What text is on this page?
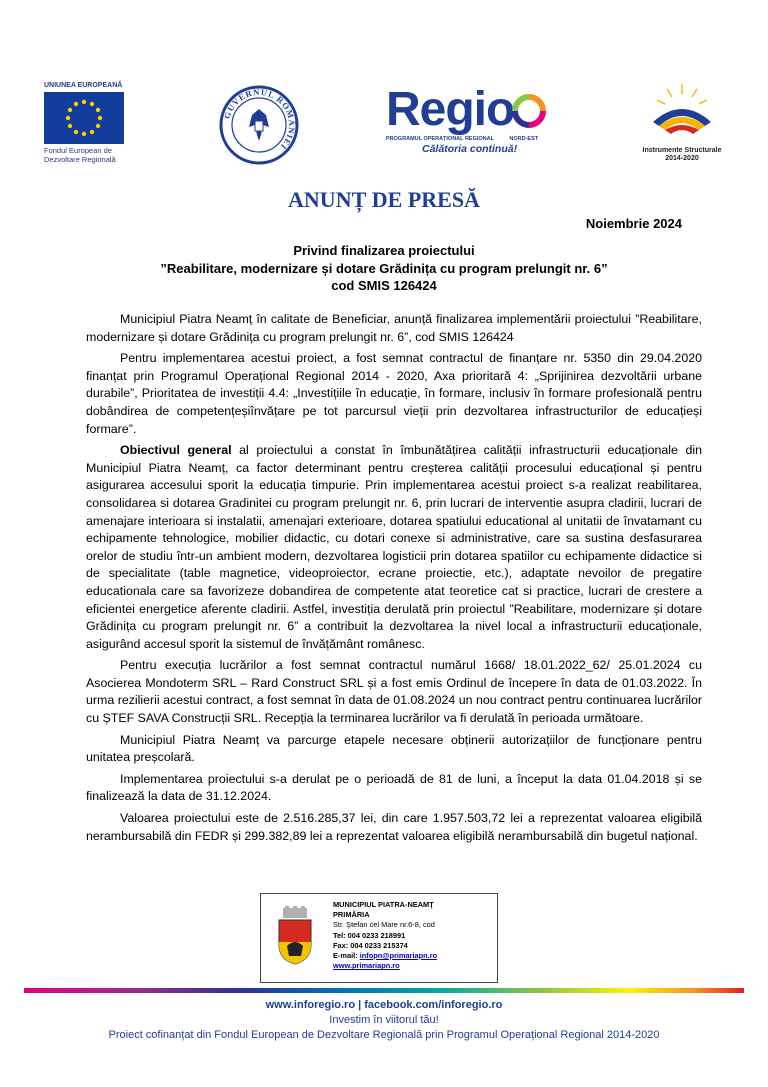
UNIUNEA EUROPEANĂ
Fondul European de
Dezvoltare Regională
GUVERNUL ROMÂNIEI
Regio
PROGRAMUL OPERAȚIONAL REGIONAL	NORD-EST
Călătoria continuă!	Instrumente Structurale
2014-2020
ANUNȚ DE PRESĂ
Noiembrie 2024
Privind finalizarea proiectului
”Reabilitare, modernizare și dotare Grădinița cu program prelungit nr. 6”
cod SMIS 126424

Municipiul Piatra Neamț în calitate de Beneficiar, anunță finalizarea implementării proiectului ”Reabilitare, modernizare și dotare Grădinița cu program prelungit nr. 6”, cod SMIS 126424

Pentru implementarea acestui proiect, a fost semnat contractul de finanțare nr. 5350 din 29.04.2020 finanțat prin Programul Operațional Regional 2014 - 2020, Axa prioritară 4: „Sprijinirea dezvoltării urbane durabile”, Prioritatea de investiții 4.4: „Investițiile în educație, în formare, inclusiv în formare profesională pentru dobândirea de competențeșiînvățare pe tot parcursul vieții prin dezvoltarea infrastructurilor de educațieși formare”.

Obiectivul general al proiectului a constat în îmbunătățirea calității infrastructurii educaționale din Municipiul Piatra Neamț, ca factor determinant pentru creșterea calității procesului educațional și pentru asigurarea accesului sporit la educația timpurie. Prin implementarea acestui proiect s-a realizat reabilitarea, consolidarea si dotarea Gradinitei cu program prelungit nr. 6, prin lucrari de interventie asupra cladirii, lucrari de amenajare interioara si instalatii, amenajari exterioare, dotarea spatiului educational al unitatii de învatamant cu echipamente tehnologice, mobilier didactic, cu dotari conexe si administrative, care sa sustina desfasurarea orelor de studiu într-un ambient modern, dezvoltarea logisticii prin dotarea spatiilor cu echipamente didactice si de specialitate (table magnetice, videoproiector, ecrane proiectie, etc.), adaptate nevoilor de pregatire educationala care sa favorizeze dobandirea de competente atat teoretice cat si practice, lucrari de crestere a eficientei energetice aferente cladirii. Astfel, investiția derulată prin proiectul ”Reabilitare, modernizare și dotare Grădinița cu program prelungit nr. 6” a contribuit la dezvoltarea la nivel local a infrastructurii educaționale, asigurând accesul sporit la sistemul de învățământ românesc.

Pentru execuția lucrărilor a fost semnat contractul numărul 1668/ 18.01.2022_62/ 25.01.2024 cu Asocierea Mondoterm SRL – Rard Construct SRL și a fost emis Ordinul de începere în data de 01.03.2022. În urma rezilierii acestui contract, a fost semnat în data de 01.08.2024 un nou contract pentru continuarea lucrărilor cu ȘTEF SAVA Construcții SRL. Recepția la terminarea lucrărilor va fi derulată în perioada următoare.

Municipiul Piatra Neamț va parcurge etapele necesare obținerii autorizațiilor de funcționare pentru unitatea preșcolară.

Implementarea proiectului s-a derulat pe o perioadă de 81 de luni, a început la data 01.04.2018 și se finalizează la data de 31.12.2024.

Valoarea proiectului este de 2.516.285,37 lei, din care 1.957.503,72 lei a reprezentat valoarea eligibilă nerambursabilă din FEDR și 299.382,89 lei a reprezentat valoarea eligibilă nerambursabilă din bugetul național.

MUNICIPIUL PIATRA-NEAMŢ
PRIMĂRIA
Str. Ştefan cel Mare nr.6-8, cod
Tel: 004 0233 218991
Fax: 004 0233 215374
E-mail: infopn@primariapn.ro
www.primariapn.ro
www.inforegio.ro | facebook.com/inforegio.ro
Investim în viitorul tău!
Proiect cofinanțat din Fondul European de Dezvoltare Regională prin Programul Operațional Regional 2014-2020
